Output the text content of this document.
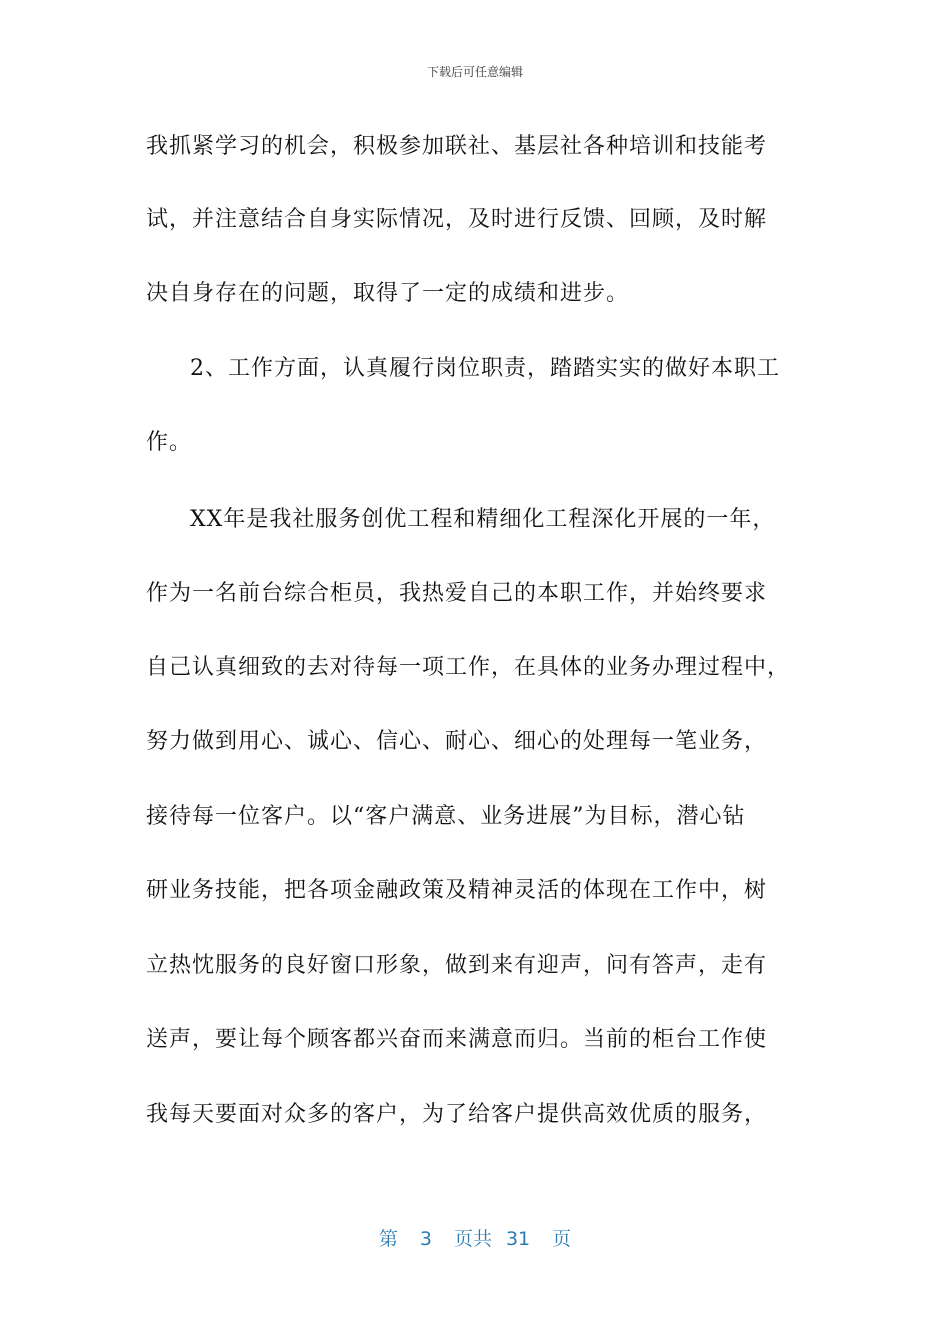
下载后可任意编辑
我抓紧学习的机会，积极参加联社、基层社各种培训和技能考
试，并注意结合自身实际情况，及时进行反馈、回顾，及时解
决自身存在的问题，取得了一定的成绩和进步。
2、工作方面，认真履行岗位职责，踏踏实实的做好本职工
作。
XX年是我社服务创优工程和精细化工程深化开展的一年，
作为一名前台综合柜员，我热爱自己的本职工作，并始终要求
自己认真细致的去对待每一项工作，在具体的业务办理过程中，
努力做到用心、诚心、信心、耐心、细心的处理每一笔业务，
接待每一位客户。以“客户满意、业务进展”为目标，潜心钻
研业务技能，把各项金融政策及精神灵活的体现在工作中，树
立热忱服务的良好窗口形象，做到来有迎声，问有答声，走有
送声，要让每个顾客都兴奋而来满意而归。当前的柜台工作使
我每天要面对众多的客户，为了给客户提供高效优质的服务，
第 3 页共 31 页
